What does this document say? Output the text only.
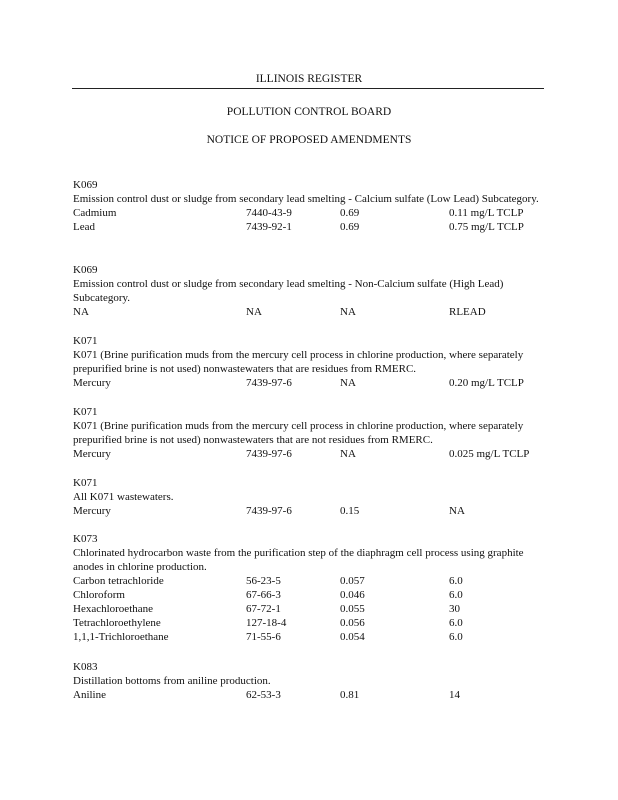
ILLINOIS REGISTER
POLLUTION CONTROL BOARD
NOTICE OF PROPOSED AMENDMENTS
K069
Emission control dust or sludge from secondary lead smelting - Calcium sulfate (Low Lead) Subcategory.
Cadmium	7440-43-9	0.69	0.11 mg/L TCLP
Lead	7439-92-1	0.69	0.75 mg/L TCLP
K069
Emission control dust or sludge from secondary lead smelting - Non-Calcium sulfate (High Lead) Subcategory.
NA	NA	NA	RLEAD
K071
K071 (Brine purification muds from the mercury cell process in chlorine production, where separately prepurified brine is not used) nonwastewaters that are residues from RMERC.
Mercury	7439-97-6	NA	0.20 mg/L TCLP
K071
K071 (Brine purification muds from the mercury cell process in chlorine production, where separately prepurified brine is not used) nonwastewaters that are not residues from RMERC.
Mercury	7439-97-6	NA	0.025 mg/L TCLP
K071
All K071 wastewaters.
Mercury	7439-97-6	0.15	NA
K073
Chlorinated hydrocarbon waste from the purification step of the diaphragm cell process using graphite anodes in chlorine production.
Carbon tetrachloride	56-23-5	0.057	6.0
Chloroform	67-66-3	0.046	6.0
Hexachloroethane	67-72-1	0.055	30
Tetrachloroethylene	127-18-4	0.056	6.0
1,1,1-Trichloroethane	71-55-6	0.054	6.0
K083
Distillation bottoms from aniline production.
Aniline	62-53-3	0.81	14
